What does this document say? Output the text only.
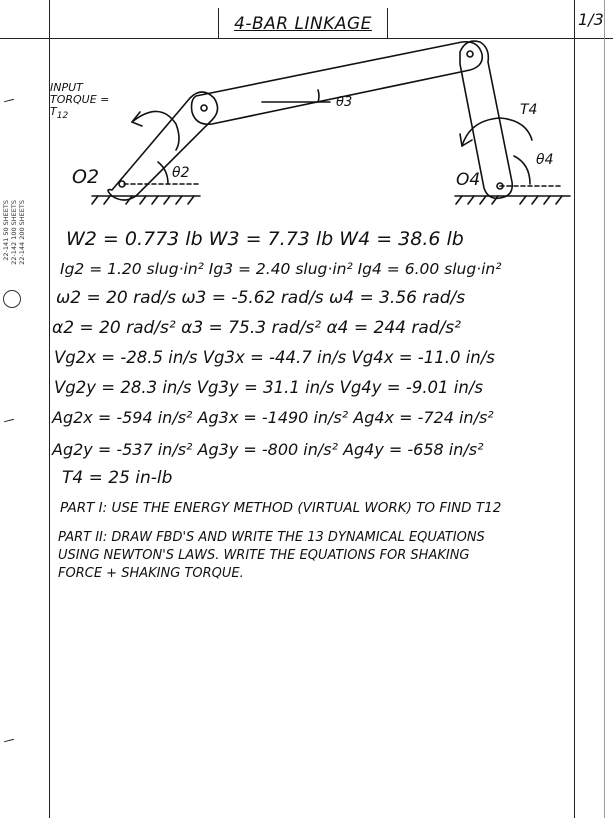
4-BAR LINKAGE	1/3
22-141 50 SHEETS 22-142 100 SHEETS 22-144 200 SHEETS
INPUT TORQUE = $T_{12}$
θ3
θ2
T4
θ4
O2	O4
W2 = 0.773 lb W3 = 7.73 lb W4 = 38.6 lb
Ig2 = 1.20 slug·in² Ig3 = 2.40 slug·in² Ig4 = 6.00 slug·in²
ω2 = 20 rad/s ω3 = -5.62 rad/s ω4 = 3.56 rad/s
α2 = 20 rad/s² α3 = 75.3 rad/s² α4 = 244 rad/s²
Vg2x = -28.5 in/s Vg3x = -44.7 in/s Vg4x = -11.0 in/s
Vg2y = 28.3 in/s Vg3y = 31.1 in/s Vg4y = -9.01 in/s
Ag2x = -594 in/s² Ag3x = -1490 in/s² Ag4x = -724 in/s²
Ag2y = -537 in/s² Ag3y = -800 in/s² Ag4y = -658 in/s²
T4 = 25 in-lb
PART I: USE THE ENERGY METHOD (VIRTUAL WORK) TO FIND T12
PART II: DRAW FBD'S AND WRITE THE 13 DYNAMICAL EQUATIONS
USING NEWTON'S LAWS. WRITE THE EQUATIONS FOR SHAKING
FORCE + SHAKING TORQUE.
